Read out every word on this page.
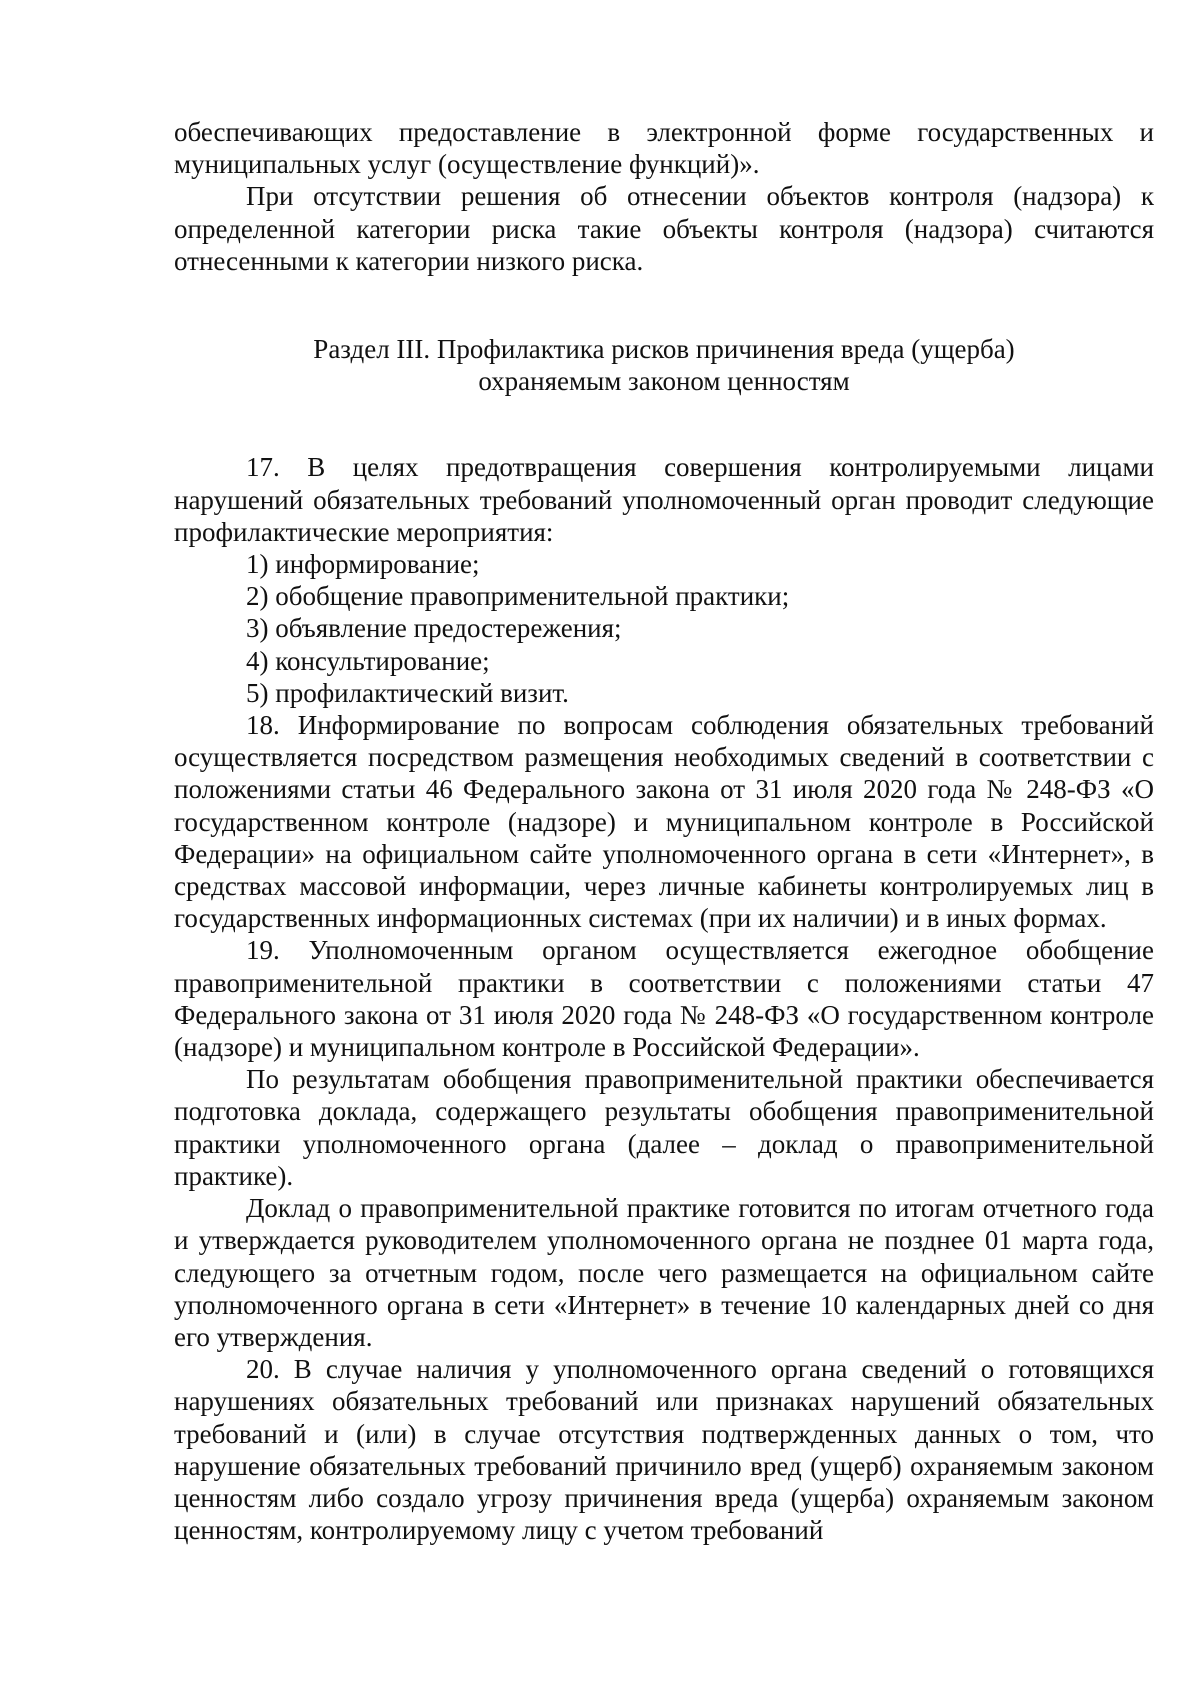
обеспечивающих предоставление в электронной форме государственных и муниципальных услуг (осуществление функций)».

При отсутствии решения об отнесении объектов контроля (надзора) к определенной категории риска такие объекты контроля (надзора) считаются отнесенными к категории низкого риска.

Раздел III. Профилактика рисков причинения вреда (ущерба)
охраняемым законом ценностям

17. В целях предотвращения совершения контролируемыми лицами нарушений обязательных требований уполномоченный орган проводит следующие профилактические мероприятия:

1) информирование;

2) обобщение правоприменительной практики;

3) объявление предостережения;

4) консультирование;

5) профилактический визит.

18. Информирование по вопросам соблюдения обязательных требований осуществляется посредством размещения необходимых сведений в соответствии с положениями статьи 46 Федерального закона от 31 июля 2020 года № 248-ФЗ «О государственном контроле (надзоре) и муниципальном контроле в Российской Федерации» на официальном сайте уполномоченного органа в сети «Интернет», в средствах массовой информации, через личные кабинеты контролируемых лиц в государственных информационных системах (при их наличии) и в иных формах.

19. Уполномоченным органом осуществляется ежегодное обобщение правоприменительной практики в соответствии с положениями статьи 47 Федерального закона от 31 июля 2020 года № 248-ФЗ «О государственном контроле (надзоре) и муниципальном контроле в Российской Федерации».

По результатам обобщения правоприменительной практики обеспечивается подготовка доклада, содержащего результаты обобщения правоприменительной практики уполномоченного органа (далее – доклад о правоприменительной практике).

Доклад о правоприменительной практике готовится по итогам отчетного года и утверждается руководителем уполномоченного органа не позднее 01 марта года, следующего за отчетным годом, после чего размещается на официальном сайте уполномоченного органа в сети «Интернет» в течение 10 календарных дней со дня его утверждения.

20. В случае наличия у уполномоченного органа сведений о готовящихся нарушениях обязательных требований или признаках нарушений обязательных требований и (или) в случае отсутствия подтвержденных данных о том, что нарушение обязательных требований причинило вред (ущерб) охраняемым законом ценностям либо создало угрозу причинения вреда (ущерба) охраняемым законом ценностям, контролируемому лицу с учетом требований
